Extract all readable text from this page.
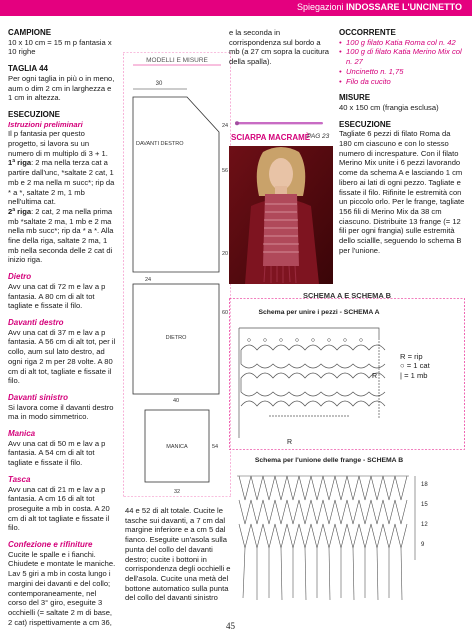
Spiegazioni INDOSSARE L'UNCINETTO
CAMPIONE

10 x 10 cm = 15 m p fantasia x 10 righe

TAGLIA 44

Per ogni taglia in più o in meno, aum o dim 2 cm in larghezza e 1 cm in altezza.

ESECUZIONE
Istruzioni preliminari

Il p fantasia per questo progetto, si lavora su un numero di m multiplo di 3 + 1.

1ª riga: 2 ma nella terza cat a partire dall'unc, *saltate 2 cat, 1 mb e 2 ma nella m succ*; rip da * a *, saltate 2 m, 1 mb nell'ultima cat.

2ª riga: 2 cat, 2 ma nella prima mb *saltate 2 ma, 1 mb e 2 ma nella mb succ*; rip da * a *. Alla fine della riga, saltate 2 ma, 1 mb nella seconda delle 2 cat di inizio riga.

Dietro

Avv una cat di 72 m e lav a p fantasia. A 80 cm di alt tot tagliate e fissate il filo.

Davanti destro

Avv una cat di 37 m e lav a p fantasia. A 56 cm di alt tot, per il collo, aum sul lato destro, ad ogni riga 2 m per 28 volte. A 80 cm di alt tot, tagliate e fissate il filo.

Davanti sinistro

Si lavora come il davanti destro ma in modo simmetrico.

Manica

Avv una cat di 50 m e lav a p fantasia. A 54 cm di alt tot tagliate e fissate il filo.

Tasca

Avv una cat di 21 m e lav a p fantasia. A cm 16 di alt tot proseguite a mb in costa. A 20 cm di alt tot tagliate e fissate il filo.

Confezione e rifiniture

Cucite le spalle e i fianchi. Chiudete e montate le maniche. Lav 5 giri a mb in costa lungo i margini dei davanti e del collo; contemporaneamente, nel corso del 3° giro, eseguite 3 occhielli (= saltate 2 m di base, 2 cat) rispettivamente a cm 36,

MODELLI E MISURE
30
DAVANTI DESTRO
24
56
24
DIETRO
20
60
40
MANICA	54
32

44 e 52 di alt totale. Cucite le tasche sui davanti, a 7 cm dal margine inferiore e a cm 5 dal fianco. Eseguite un'asola sulla punta del collo del davanti destro; cucite i bottoni in corrispondenza degli occhielli e dell'asola. Cucite una metà del bottone automatico sulla punta del collo del davanti sinistro

e la seconda in corrispondenza sul bordo a mb (a 27 cm sopra la cucitura della spalla).

SCIARPA MACRAMÈ
PAG 23
OCCORRENTE
• 100 g filato Katia Roma col n. 42
• 100 g di filato Katia Merino Mix col n. 27
• Uncinetto n. 1,75
• Filo da cucito
MISURE

40 x 150 cm (frangia esclusa)

ESECUZIONE

Tagliate 6 pezzi di filato Roma da 180 cm ciascuno e con lo stesso numero di increspature. Con il filato Merino Mix unite i 6 pezzi lavorando come da schema A e lasciando 1 cm libero ai lati di ogni pezzo. Tagliate e fissate il filo. Rifinite le estremità con un piccolo orlo. Per le frange, tagliate 156 fili di Merino Mix da 38 cm ciascuno. Distribuite 13 frange (= 12 fili per ogni frangia) sulle estremità dello sciallle, seguendo lo schema B per l'unione.

SCHEMA A E SCHEMA B
Schema per unire i pezzi - SCHEMA A
R
R
R = rip
○ = 1 cat
| = 1 mb
Schema per l'unione delle frange - SCHEMA B
18
15
12
9
45
